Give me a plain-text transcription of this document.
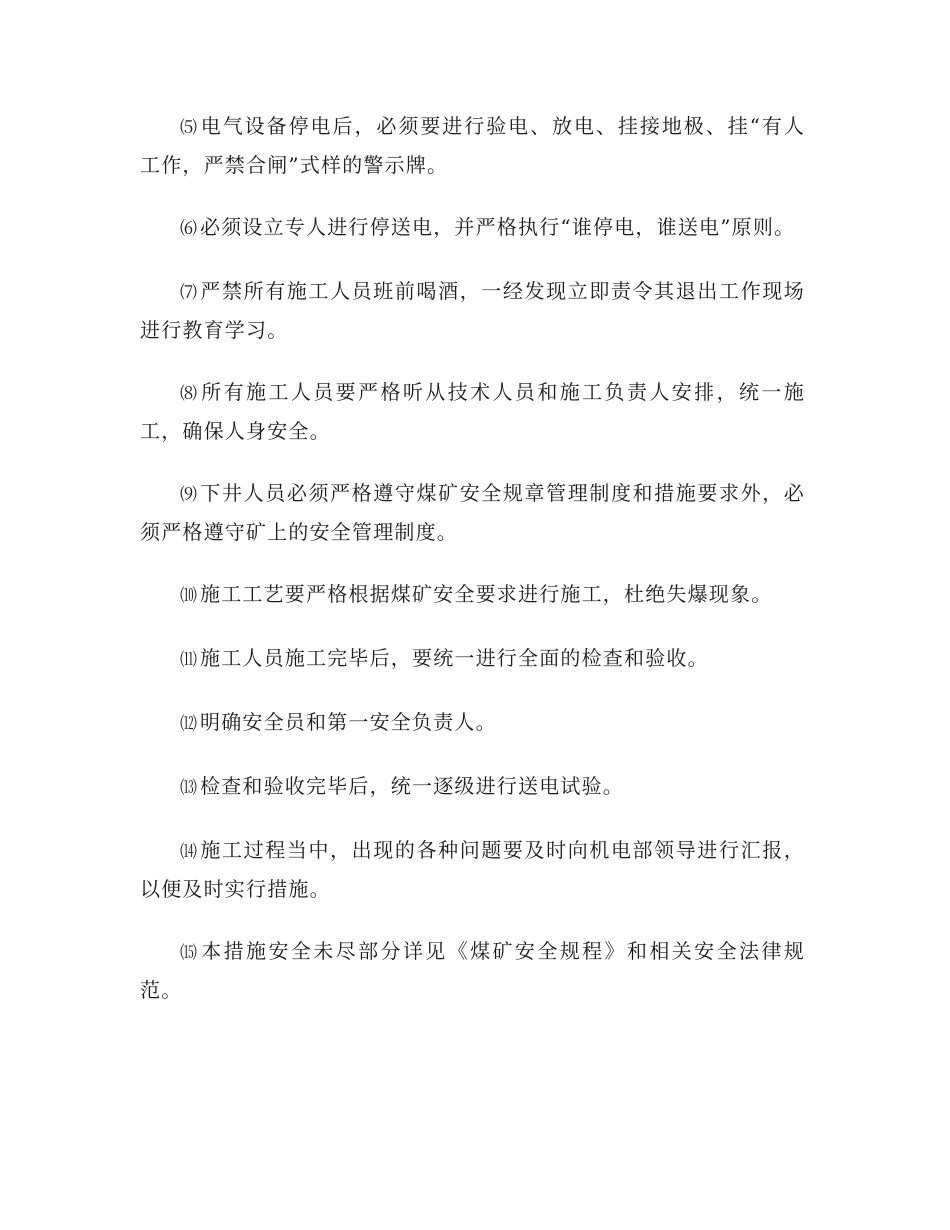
⑸ 电气设备停电后，必须要进行验电、放电、挂接地极、挂“有人工作，严禁合闸”式样的警示牌。

⑹ 必须设立专人进行停送电，并严格执行“谁停电，谁送电”原则。

⑺ 严禁所有施工人员班前喝酒，一经发现立即责令其退出工作现场进行教育学习。

⑻ 所有施工人员要严格听从技术人员和施工负责人安排，统一施工，确保人身安全。

⑼ 下井人员必须严格遵守煤矿安全规章管理制度和措施要求外，必须严格遵守矿上的安全管理制度。

⑽ 施工工艺要严格根据煤矿安全要求进行施工，杜绝失爆现象。

⑾ 施工人员施工完毕后，要统一进行全面的检查和验收。

⑿ 明确安全员和第一安全负责人。

⒀ 检查和验收完毕后，统一逐级进行送电试验。

⒁ 施工过程当中，出现的各种问题要及时向机电部领导进行汇报，以便及时实行措施。

⒂ 本措施安全未尽部分详见《煤矿安全规程》和相关安全法律规范。
